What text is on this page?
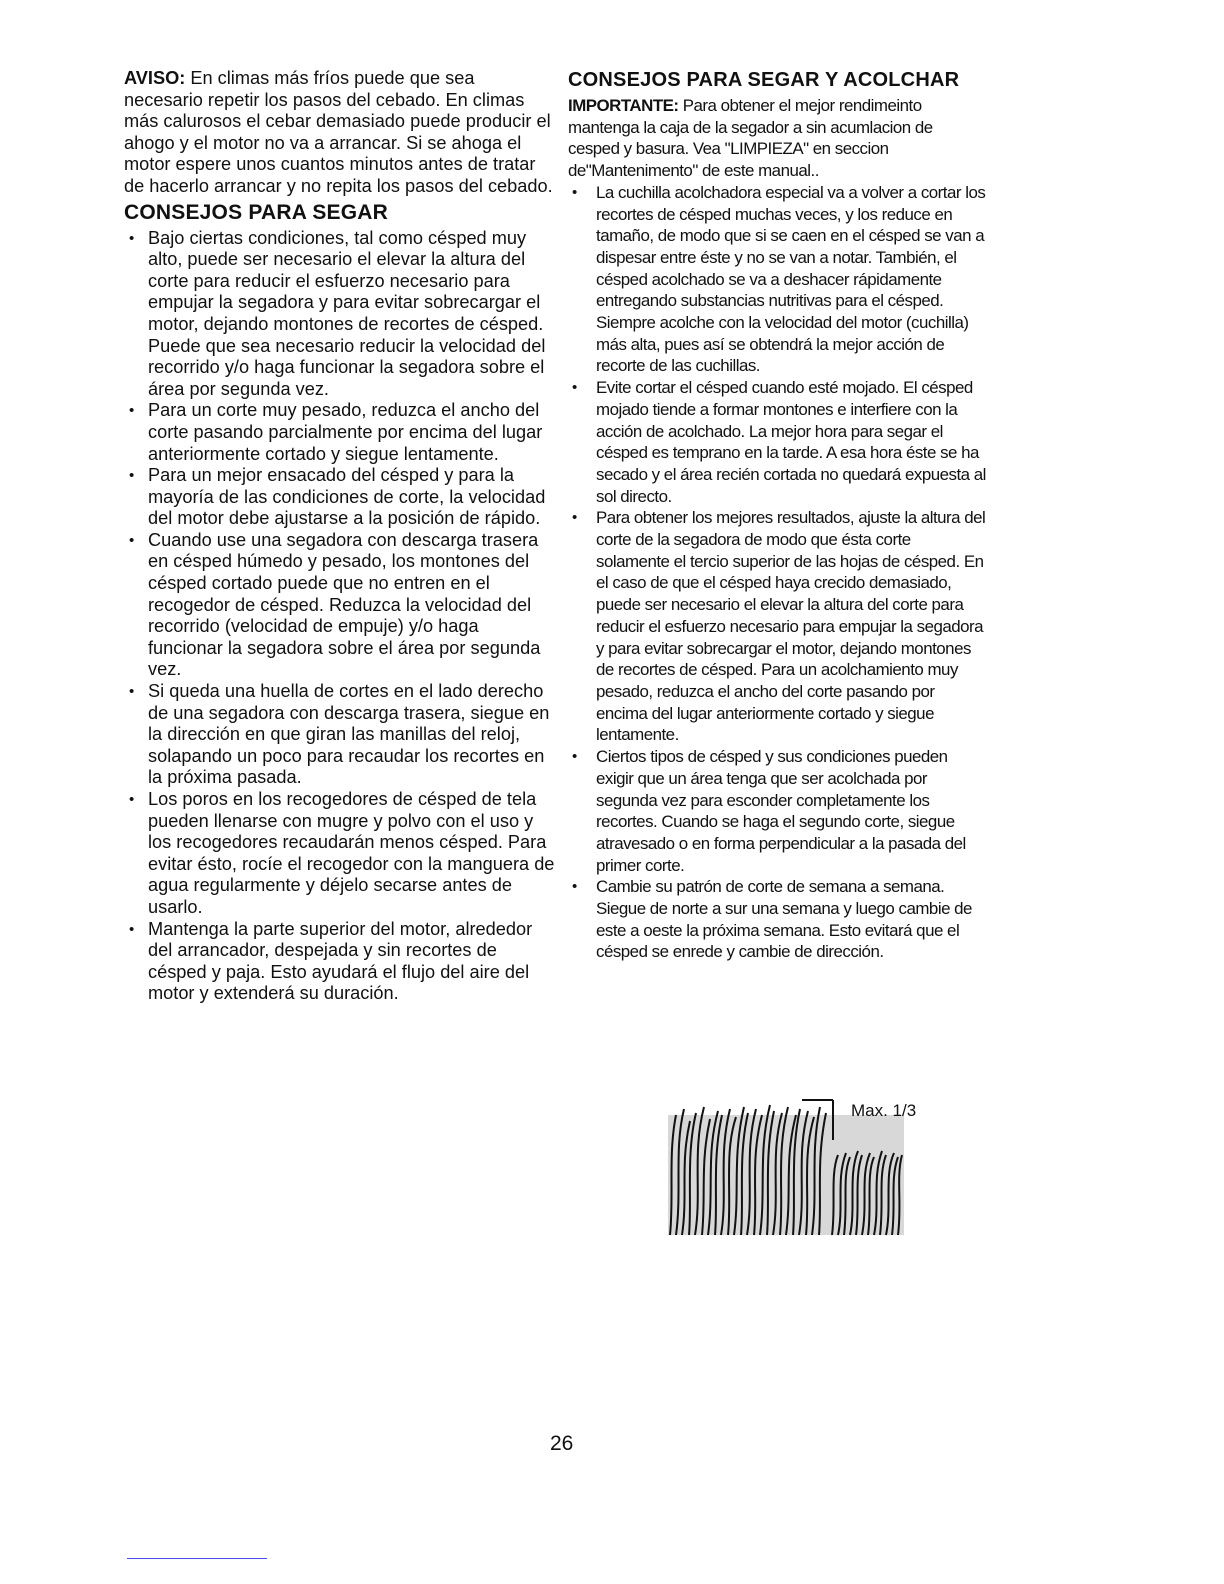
AVISO: En climas más fríos puede que sea necesario repetir los pasos del cebado. En climas más calurosos el cebar demasiado puede producir el ahogo y el motor no va a arrancar. Si se ahoga el motor espere unos cuantos minutos antes de tratar de hacerlo arrancar y no repita los pasos del cebado.

CONSEJOS PARA SEGAR
• Bajo ciertas condiciones, tal como césped muy alto, puede ser necesario el elevar la altura del corte para reducir el esfuerzo necesario para empujar la segadora y para evitar sobrecargar el motor, dejando montones de recortes de césped. Puede que sea necesario reducir la velocidad del recorrido y/o haga funcionar la segadora sobre el área por segunda vez.
• Para un corte muy pesado, reduzca el ancho del corte pasando parcialmente por encima del lugar anteriormente cortado y siegue lentamente.
• Para un mejor ensacado del césped y para la mayoría de las condiciones de corte, la velocidad del motor debe ajustarse a la posición de rápido.
• Cuando use una segadora con descarga trasera en césped húmedo y pesado, los montones del césped cortado puede que no entren en el recogedor de césped. Reduzca la velocidad del recorrido (velocidad de empuje) y/o haga funcionar la segadora sobre el área por segunda vez.
• Si queda una huella de cortes en el lado derecho de una segadora con descarga trasera, siegue en la dirección en que giran las manillas del reloj, solapando un poco para recaudar los recortes en la próxima pasada.
• Los poros en los recogedores de césped de tela pueden llenarse con mugre y polvo con el uso y los recogedores recaudarán menos césped. Para evitar ésto, rocíe el recogedor con la manguera de agua regularmente y déjelo secarse antes de usarlo.
• Mantenga la parte superior del motor, alrededor del arrancador, despejada y sin recortes de césped y paja. Esto ayudará el flujo del aire del motor y extenderá su duración.
CONSEJOS PARA SEGAR Y ACOLCHAR

IMPORTANTE: Para obtener el mejor rendimeinto mantenga la caja de la segador a sin acumlacion de cesped y basura. Vea "LIMPIEZA" en seccion de"Mantenimento" de este manual..

• La cuchilla acolchadora especial va a volver a cortar los recortes de césped muchas veces, y los reduce en tamaño, de modo que si se caen en el césped se van a dispesar entre éste y no se van a notar. También, el césped acolchado se va a deshacer rápidamente entregando substancias nutritivas para el césped. Siempre acolche con la velocidad del motor (cuchilla) más alta, pues así se obtendrá la mejor acción de recorte de las cuchillas.
• Evite cortar el césped cuando esté mojado. El césped mojado tiende a formar montones e interfiere con la acción de acolchado. La mejor hora para segar el césped es temprano en la tarde. A esa hora éste se ha secado y el área recién cortada no quedará expuesta al sol directo.
• Para obtener los mejores resultados, ajuste la altura del corte de la segadora de modo que ésta corte solamente el tercio superior de las hojas de césped. En el caso de que el césped haya crecido demasiado, puede ser necesario el elevar la altura del corte para reducir el esfuerzo necesario para empujar la segadora y para evitar sobrecargar el motor, dejando montones de recortes de césped. Para un acolchamiento muy pesado, reduzca el ancho del corte pasando por encima del lugar anteriormente cortado y siegue lentamente.
• Ciertos tipos de césped y sus condiciones pueden exigir que un área tenga que ser acolchada por segunda vez para esconder completamente los recortes. Cuando se haga el segundo corte, siegue atravesado o en forma perpendicular a la pasada del primer corte.
• Cambie su patrón de corte de semana a semana. Siegue de norte a sur una semana y luego cambie de este a oeste la próxima semana. Esto evitará que el césped se enrede y cambie de dirección.
Max. 1/3
26
